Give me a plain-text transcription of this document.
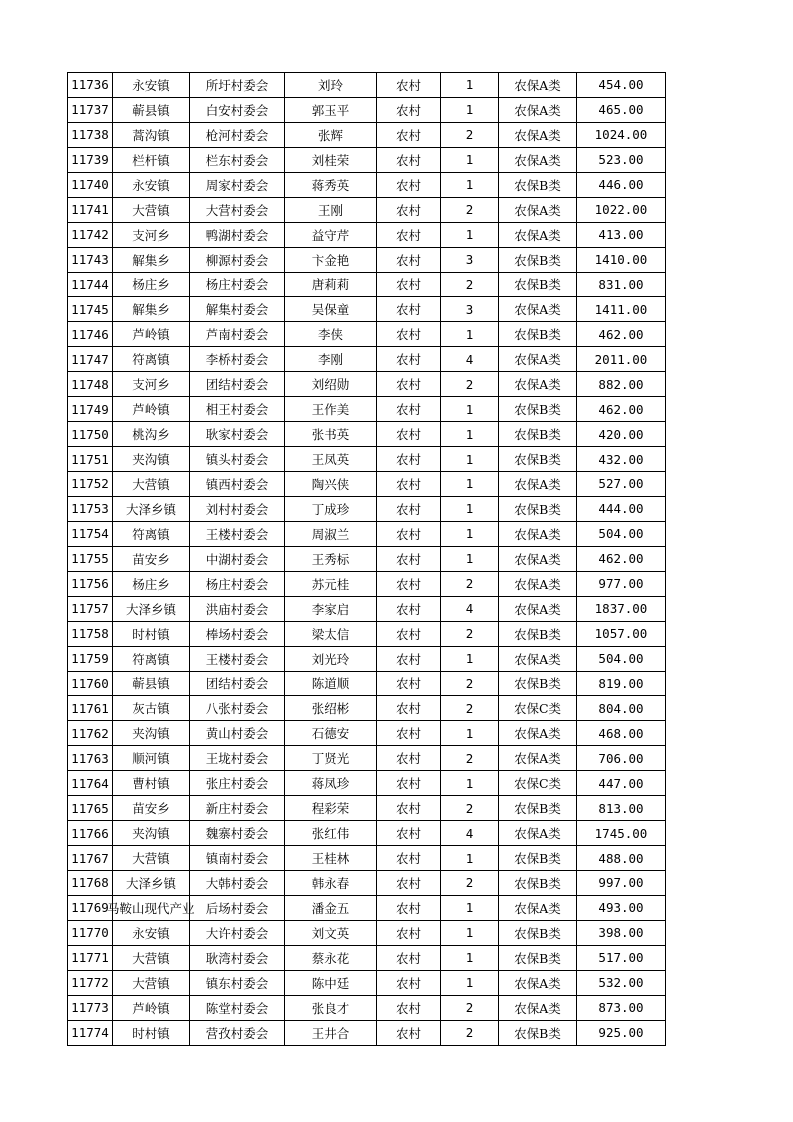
11736	永安镇	所圩村委会	刘玲	农村	1	农保A类	454.00
11737	蕲县镇	白安村委会	郭玉平	农村	1	农保A类	465.00
11738	蒿沟镇	枪河村委会	张辉	农村	2	农保A类	1024.00
11739	栏杆镇	栏东村委会	刘桂荣	农村	1	农保A类	523.00
11740	永安镇	周家村委会	蒋秀英	农村	1	农保B类	446.00
11741	大营镇	大营村委会	王刚	农村	2	农保A类	1022.00
11742	支河乡	鸭湖村委会	益守芹	农村	1	农保A类	413.00
11743	解集乡	柳源村委会	卞金艳	农村	3	农保B类	1410.00
11744	杨庄乡	杨庄村委会	唐莉莉	农村	2	农保B类	831.00
11745	解集乡	解集村委会	吴保童	农村	3	农保A类	1411.00
11746	芦岭镇	芦南村委会	李侠	农村	1	农保B类	462.00
11747	符离镇	李桥村委会	李刚	农村	4	农保A类	2011.00
11748	支河乡	团结村委会	刘绍勋	农村	2	农保A类	882.00
11749	芦岭镇	相王村委会	王作美	农村	1	农保B类	462.00
11750	桃沟乡	耿家村委会	张书英	农村	1	农保B类	420.00
11751	夹沟镇	镇头村委会	王凤英	农村	1	农保B类	432.00
11752	大营镇	镇西村委会	陶兴侠	农村	1	农保A类	527.00
11753	大泽乡镇	刘村村委会	丁成珍	农村	1	农保B类	444.00
11754	符离镇	王楼村委会	周淑兰	农村	1	农保A类	504.00
11755	苗安乡	中湖村委会	王秀标	农村	1	农保A类	462.00
11756	杨庄乡	杨庄村委会	苏元桂	农村	2	农保A类	977.00
11757	大泽乡镇	洪庙村委会	李家启	农村	4	农保A类	1837.00
11758	时村镇	棒场村委会	梁太信	农村	2	农保B类	1057.00
11759	符离镇	王楼村委会	刘光玲	农村	1	农保A类	504.00
11760	蕲县镇	团结村委会	陈道顺	农村	2	农保B类	819.00
11761	灰古镇	八张村委会	张绍彬	农村	2	农保C类	804.00
11762	夹沟镇	黄山村委会	石德安	农村	1	农保A类	468.00
11763	顺河镇	王垅村委会	丁贤光	农村	2	农保A类	706.00
11764	曹村镇	张庄村委会	蒋凤珍	农村	1	农保C类	447.00
11765	苗安乡	新庄村委会	程彩荣	农村	2	农保B类	813.00
11766	夹沟镇	魏寨村委会	张红伟	农村	4	农保A类	1745.00
11767	大营镇	镇南村委会	王桂林	农村	1	农保B类	488.00
11768	大泽乡镇	大韩村委会	韩永春	农村	2	农保B类	997.00
11769	马鞍山现代产业	后场村委会	潘金五	农村	1	农保A类	493.00
11770	永安镇	大许村委会	刘文英	农村	1	农保B类	398.00
11771	大营镇	耿湾村委会	蔡永花	农村	1	农保B类	517.00
11772	大营镇	镇东村委会	陈中廷	农村	1	农保A类	532.00
11773	芦岭镇	陈堂村委会	张良才	农村	2	农保A类	873.00
11774	时村镇	营孜村委会	王井合	农村	2	农保B类	925.00
